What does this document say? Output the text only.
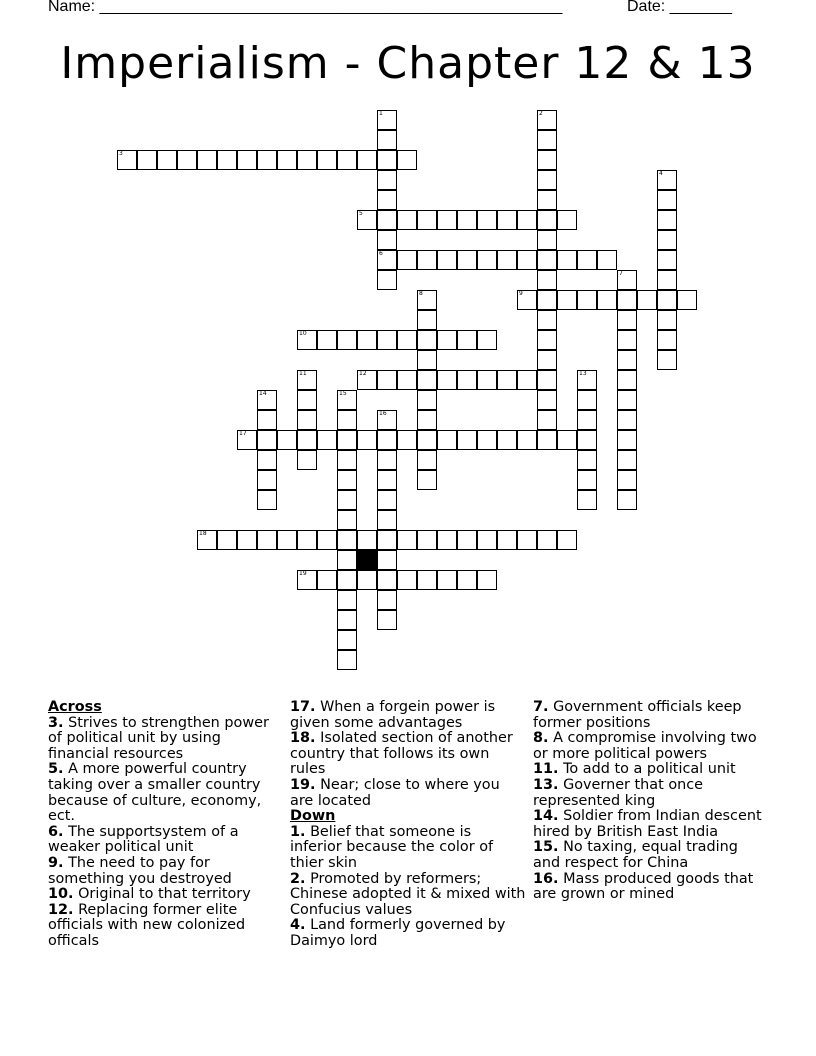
Name: ____________________________________________________	Date: _______
Imperialism - Chapter 12 & 13
1
6
2
3
4
5
7
8	9
10
11	12	13
14	15
16
17
18
19
Across
3. Strives to strengthen power of political unit by using financial resources
5. A more powerful country taking over a smaller country because of culture, economy, ect.
6. The supportsystem of a weaker political unit
9. The need to pay for something you destroyed
10. Original to that territory
12. Replacing former elite officials with new colonized officals
17. When a forgein power is given some advantages
18. Isolated section of another country that follows its own rules
19. Near; close to where you are located
Down
1. Belief that someone is inferior because the color of thier skin
2. Promoted by reformers; Chinese adopted it & mixed with Confucius values
4. Land formerly governed by Daimyo lord
7. Government officials keep former positions
8. A compromise involving two or more political powers
11. To add to a political unit
13. Governer that once represented king
14. Soldier from Indian descent hired by British East India
15. No taxing, equal trading and respect for China
16. Mass produced goods that are grown or mined
